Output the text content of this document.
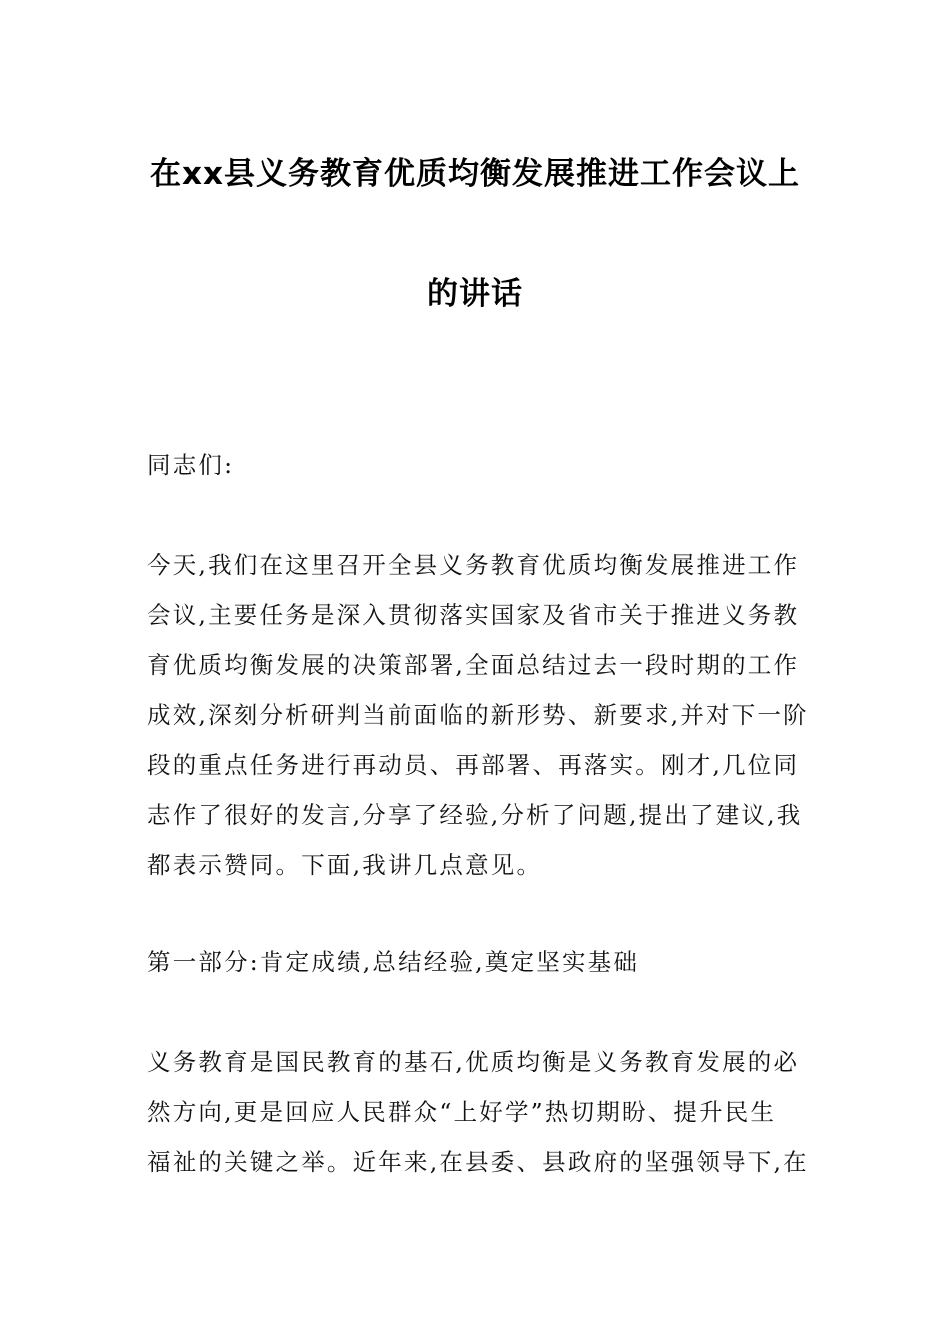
在xx县义务教育优质均衡发展推进工作会议上
的讲话
同志们:
今天,我们在这里召开全县义务教育优质均衡发展推进工作
会议,主要任务是深入贯彻落实国家及省市关于推进义务教
育优质均衡发展的决策部署,全面总结过去一段时期的工作
成效,深刻分析研判当前面临的新形势、新要求,并对下一阶
段的重点任务进行再动员、再部署、再落实。刚才,几位同
志作了很好的发言,分享了经验,分析了问题,提出了建议,我
都表示赞同。下面,我讲几点意见。
第一部分:肯定成绩,总结经验,奠定坚实基础
义务教育是国民教育的基石,优质均衡是义务教育发展的必
然方向,更是回应人民群众“上好学”热切期盼、提升民生
福祉的关键之举。近年来,在县委、县政府的坚强领导下,在
